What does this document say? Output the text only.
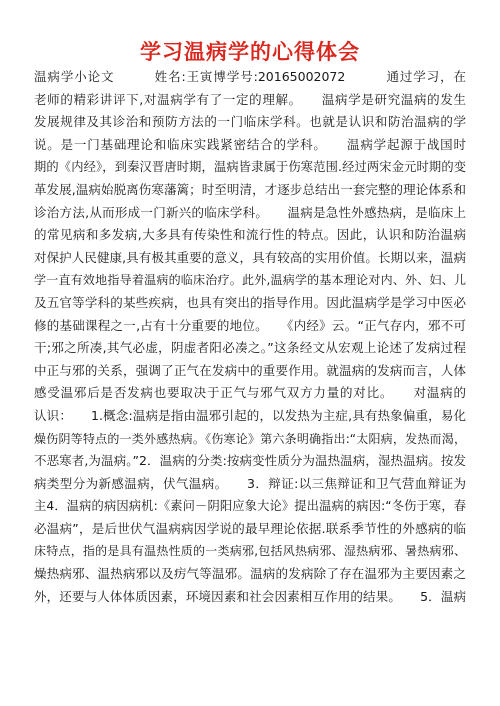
学习温病学的心得体会
温病学小论文　　　姓名:王寅博学号:20165002072　　　通过学习，在
老师的精彩讲评下,对温病学有了一定的理解。　　温病学是研究温病的发生
发展规律及其诊治和预防方法的一门临床学科。也就是认识和防治温病的学
说。是一门基础理论和临床实践紧密结合的学科。　　温病学起源于战国时
期的《内经》，到秦汉晋唐时期，温病皆隶属于伤寒范围.经过两宋金元时期的变
革发展,温病始脱离伤寒藩篱；时至明清，才逐步总结出一套完整的理论体系和
诊治方法,从而形成一门新兴的临床学科。　　温病是急性外感热病，是临床上
的常见病和多发病,大多具有传染性和流行性的特点。因此，认识和防治温病
对保护人民健康,具有极其重要的意义，具有较高的实用价值。长期以来，温病
学一直有效地指导着温病的临床治疗。此外,温病学的基本理论对内、外、妇、儿
及五官等学科的某些疾病，也具有突出的指导作用。因此温病学是学习中医必
修的基础课程之一,占有十分重要的地位。　　《内经》云。“正气存内，邪不可
干;邪之所凑,其气必虚，阴虚者阳必凑之。”这条经文从宏观上论述了发病过程
中正与邪的关系，强调了正气在发病中的重要作用。就温病的发病而言，人体
感受温邪后是否发病也要取决于正气与邪气双方力量的对比。　　对温病的
认识：　　1.概念:温病是指由温邪引起的，以发热为主症,具有热象偏重，易化
燥伤阴等特点的一类外感热病。《伤寒论》第六条明确指出:“太阳病，发热而渴，
不恶寒者,为温病。”2．温病的分类:按病变性质分为温热温病，湿热温病。按发
病类型分为新感温病，伏气温病。　　3．辩证:以三焦辩证和卫气营血辩证为
主4．温病的病因病机:《素问－阴阳应象大论》提出温病的病因:“冬伤于寒，春
必温病”，是后世伏气温病病因学说的最早理论依据.联系季节性的外感病的临
床特点，指的是具有温热性质的一类病邪,包括风热病邪、湿热病邪、暑热病邪、
燥热病邪、温热病邪以及疠气等温邪。温病的发病除了存在温邪为主要因素之
外，还要与人体体质因素，环境因素和社会因素相互作用的结果。　　5．温病
